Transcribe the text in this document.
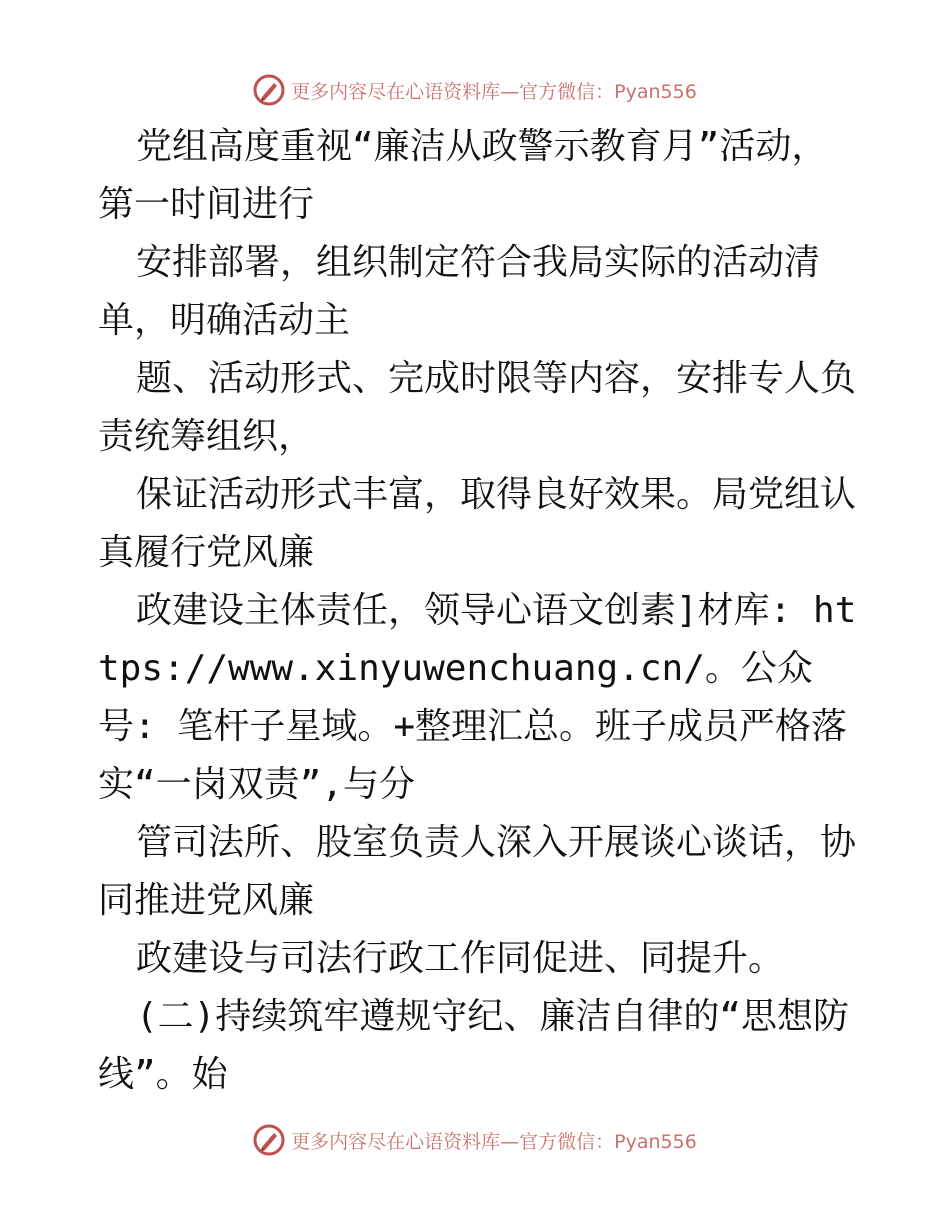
更多内容尽在心语资料库—官方微信：Pyan556

党组高度重视“廉洁从政警示教育月”活动，第一时间进行

安排部署，组织制定符合我局实际的活动清单，明确活动主

题、活动形式、完成时限等内容，安排专人负责统筹组织，

保证活动形式丰富，取得良好效果。局党组认真履行党风廉

政建设主体责任，领导心语文创素]材库: https://www.xinyuwenchuang.cn/。公众号: 笔杆子星域。+整理汇总。班子成员严格落实“一岗双责”,与分

管司法所、股室负责人深入开展谈心谈话，协同推进党风廉

政建设与司法行政工作同促进、同提升。

(二)持续筑牢遵规守纪、廉洁自律的“思想防线”。始

更多内容尽在心语资料库—官方微信：Pyan556
